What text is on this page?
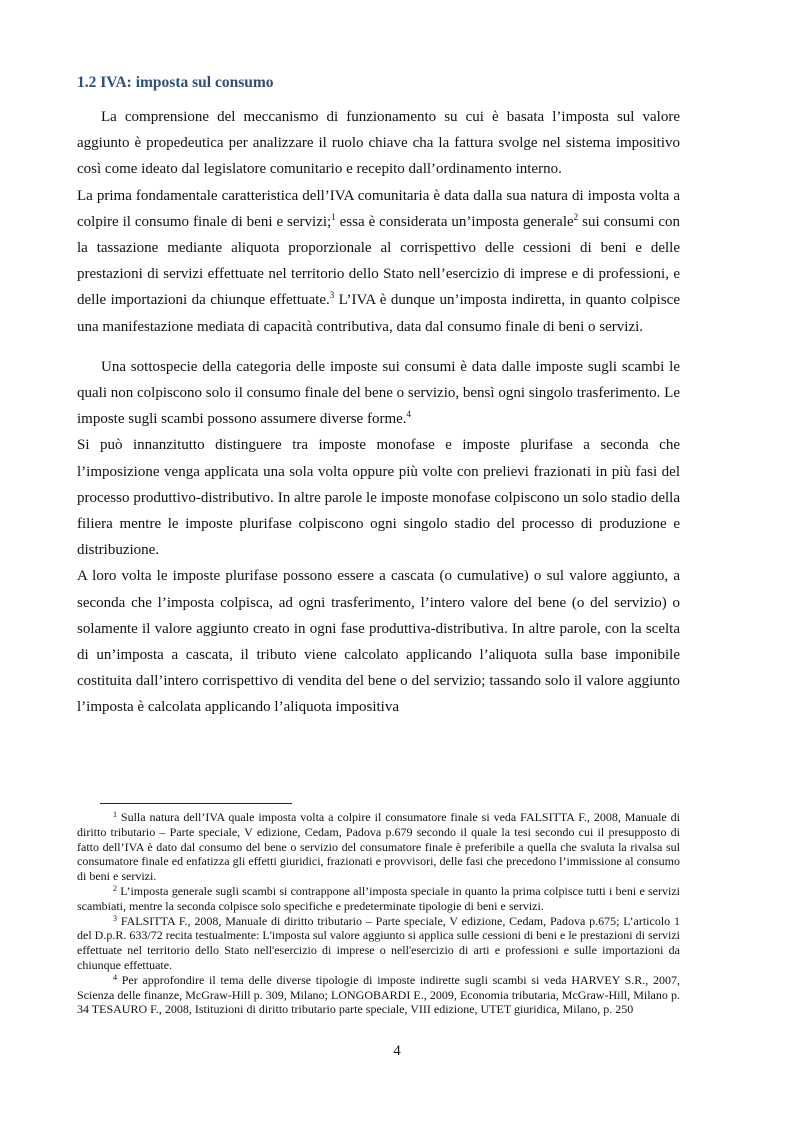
1.2 IVA: imposta sul consumo

La comprensione del meccanismo di funzionamento su cui è basata l’imposta sul valore aggiunto è propedeutica per analizzare il ruolo chiave cha la fattura svolge nel sistema impositivo così come ideato dal legislatore comunitario e recepito dall’ordinamento interno.

La prima fondamentale caratteristica dell’IVA comunitaria è data dalla sua natura di imposta volta a colpire il consumo finale di beni e servizi;$^1$ essa è considerata un’imposta generale$^2$ sui consumi con la tassazione mediante aliquota proporzionale al corrispettivo delle cessioni di beni e delle prestazioni di servizi effettuate nel territorio dello Stato nell’esercizio di imprese e di professioni, e delle importazioni da chiunque effettuate.$^3$ L’IVA è dunque un’imposta indiretta, in quanto colpisce una manifestazione mediata di capacità contributiva, data dal consumo finale di beni o servizi.

Una sottospecie della categoria delle imposte sui consumi è data dalle imposte sugli scambi le quali non colpiscono solo il consumo finale del bene o servizio, bensì ogni singolo trasferimento. Le imposte sugli scambi possono assumere diverse forme.$^4$

Si può innanzitutto distinguere tra imposte monofase e imposte plurifase a seconda che l’imposizione venga applicata una sola volta oppure più volte con prelievi frazionati in più fasi del processo produttivo-distributivo. In altre parole le imposte monofase colpiscono un solo stadio della filiera mentre le imposte plurifase colpiscono ogni singolo stadio del processo di produzione e distribuzione.

A loro volta le imposte plurifase possono essere a cascata (o cumulative) o sul valore aggiunto, a seconda che l’imposta colpisca, ad ogni trasferimento, l’intero valore del bene (o del servizio) o solamente il valore aggiunto creato in ogni fase produttiva-distributiva. In altre parole, con la scelta di un’imposta a cascata, il tributo viene calcolato applicando l’aliquota sulla base imponibile costituita dall’intero corrispettivo di vendita del bene o del servizio; tassando solo il valore aggiunto l’imposta è calcolata applicando l’aliquota impositiva

$^1$ Sulla natura dell’IVA quale imposta volta a colpire il consumatore finale si veda FALSITTA F., 2008, Manuale di diritto tributario – Parte speciale, V edizione, Cedam, Padova p.679 secondo il quale la tesi secondo cui il presupposto di fatto dell’IVA è dato dal consumo del bene o servizio del consumatore finale è preferibile a quella che svaluta la rivalsa sul consumatore finale ed enfatizza gli effetti giuridici, frazionati e provvisori, delle fasi che precedono l’immissione al consumo di beni e servizi.

$^2$ L’imposta generale sugli scambi si contrappone all’imposta speciale in quanto la prima colpisce tutti i beni e servizi scambiati, mentre la seconda colpisce solo specifiche e predeterminate tipologie di beni e servizi.

$^3$ FALSITTA F., 2008, Manuale di diritto tributario – Parte speciale, V edizione, Cedam, Padova p.675; L’articolo 1 del D.p.R. 633/72 recita testualmente: L'imposta sul valore aggiunto si applica sulle cessioni di beni e le prestazioni di servizi effettuate nel territorio dello Stato nell'esercizio di imprese o nell'esercizio di arti e professioni e sulle importazioni da chiunque effettuate.

$^4$ Per approfondire il tema delle diverse tipologie di imposte indirette sugli scambi si veda HARVEY S.R., 2007, Scienza delle finanze, McGraw-Hill p. 309, Milano; LONGOBARDI E., 2009, Economia tributaria, McGraw-Hill, Milano p. 34 TESAURO F., 2008, Istituzioni di diritto tributario parte speciale, VIII edizione, UTET giuridica, Milano, p. 250

4
